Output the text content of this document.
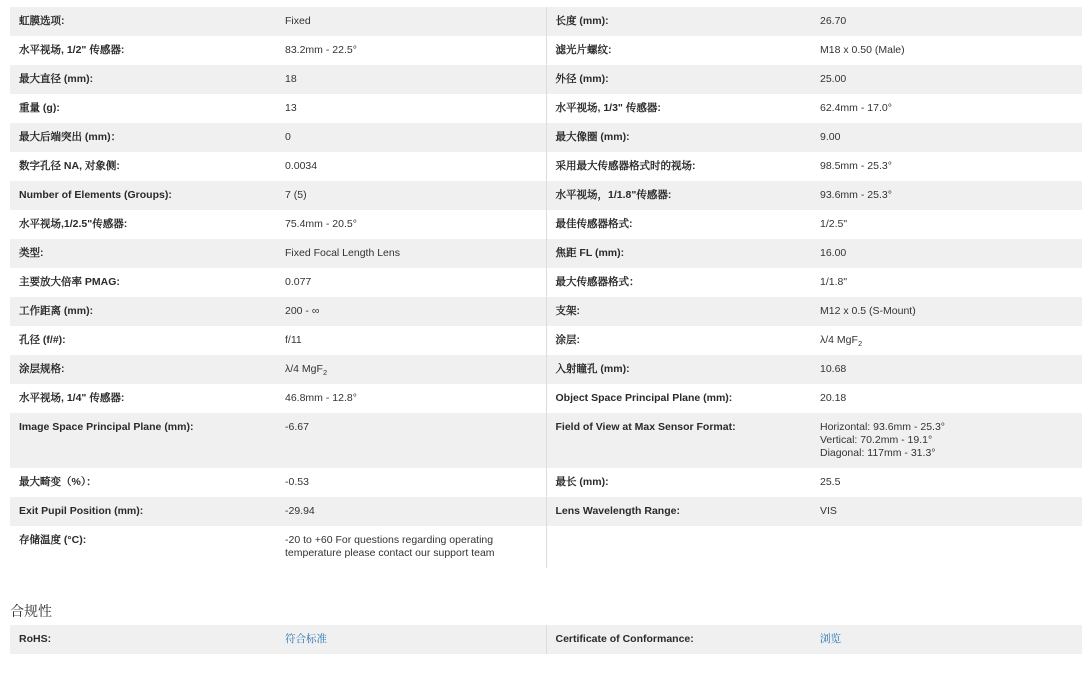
虹膜选项:	Fixed	长度 (mm):	26.70
水平视场, 1/2" 传感器:	83.2mm - 22.5°	滤光片螺纹:	M18 x 0.50 (Male)
最大直径 (mm):	18	外径 (mm):	25.00
重量 (g):	13	水平视场, 1/3" 传感器:	62.4mm - 17.0°
最大后端突出 (mm)：	0	最大像圈 (mm):	9.00
数字孔径 NA, 对象侧:	0.0034	采用最大传感器格式时的视场:	98.5mm - 25.3°
Number of Elements (Groups):	7 (5)	水平视场，1/1.8"传感器:	93.6mm - 25.3°
水平视场,1/2.5"传感器:	75.4mm - 20.5°	最佳传感器格式:	1/2.5"
类型:	Fixed Focal Length Lens	焦距 FL (mm):	16.00
主要放大倍率 PMAG:	0.077	最大传感器格式：	1/1.8"
工作距离 (mm):	200 - ∞	支架:	M12 x 0.5 (S-Mount)
孔径 (f/#):	f/11	涂层:	λ/4 MgF$_2$
涂层规格:	λ/4 MgF$_2$	入射瞳孔 (mm):	10.68
水平视场, 1/4" 传感器:	46.8mm - 12.8°	Object Space Principal Plane (mm):	20.18
Image Space Principal Plane (mm):	-6.67	Field of View at Max Sensor Format:	Horizontal: 93.6mm - 25.3°
Vertical: 70.2mm - 19.1°
Diagonal: 117mm - 31.3°

最大畸变（%）：	-0.53	最长 (mm):	25.5
Exit Pupil Position (mm):	-29.94	Lens Wavelength Range:	VIS
存储温度 (°C):	-20 to +60 For questions regarding operating temperature please contact our support team		
合规性
RoHS:	符合标准	Certificate of Conformance:	浏览
